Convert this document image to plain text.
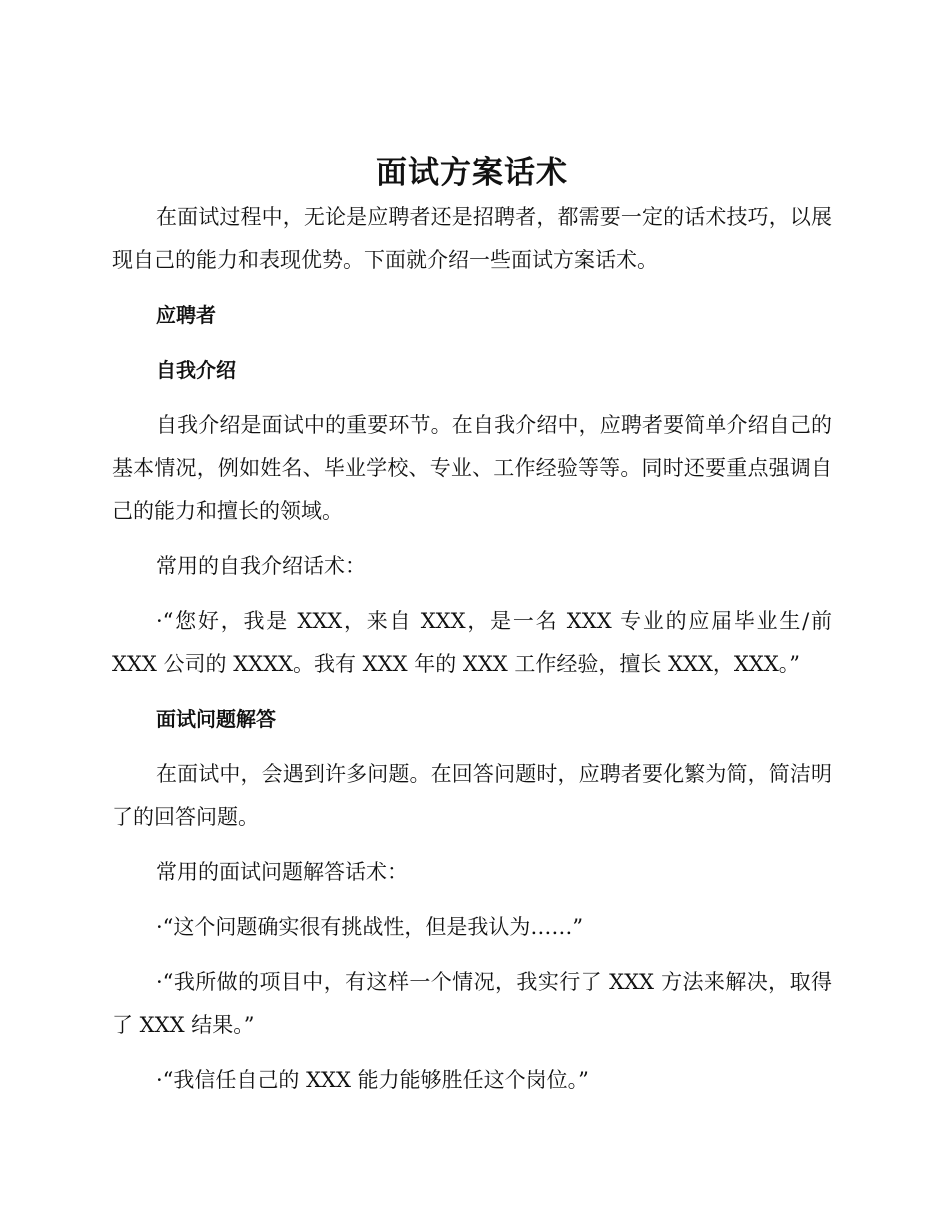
面试方案话术

在面试过程中，无论是应聘者还是招聘者，都需要一定的话术技巧，以展现自己的能力和表现优势。下面就介绍一些面试方案话术。

应聘者

自我介绍

自我介绍是面试中的重要环节。在自我介绍中，应聘者要简单介绍自己的基本情况，例如姓名、毕业学校、专业、工作经验等等。同时还要重点强调自己的能力和擅长的领域。

常用的自我介绍话术：

·“您好，我是 XXX，来自 XXX，是一名 XXX 专业的应届毕业生/前 XXX 公司的 XXXX。我有 XXX 年的 XXX 工作经验，擅长 XXX，XXX。”

面试问题解答

在面试中，会遇到许多问题。在回答问题时，应聘者要化繁为简，简洁明了的回答问题。

常用的面试问题解答话术：

·“这个问题确实很有挑战性，但是我认为……”

·“我所做的项目中，有这样一个情况，我实行了 XXX 方法来解决，取得了 XXX 结果。”

·“我信任自己的 XXX 能力能够胜任这个岗位。”
